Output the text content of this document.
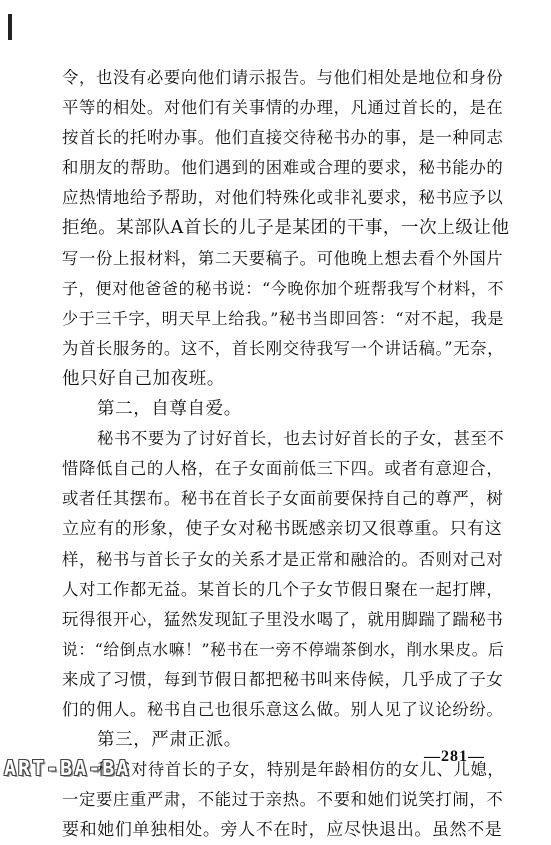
令，也没有必要向他们请示报告。与他们相处是地位和身份
平等的相处。对他们有关事情的办理，凡通过首长的，是在
按首长的托咐办事。他们直接交待秘书办的事，是一种同志
和朋友的帮助。他们遇到的困难或合理的要求，秘书能办的
应热情地给予帮助，对他们特殊化或非礼要求，秘书应予以
拒绝。某部队A首长的儿子是某团的干事，一次上级让他
写一份上报材料，第二天要稿子。可他晚上想去看个外国片
子，便对他爸爸的秘书说：“今晚你加个班帮我写个材料，不
少于三千字，明天早上给我。”秘书当即回答：“对不起，我是
为首长服务的。这不，首长刚交待我写一个讲话稿。”无奈，
他只好自己加夜班。
第二，自尊自爱。
秘书不要为了讨好首长，也去讨好首长的子女，甚至不
惜降低自己的人格，在子女面前低三下四。或者有意迎合，
或者任其摆布。秘书在首长子女面前要保持自己的尊严，树
立应有的形象，使子女对秘书既感亲切又很尊重。只有这
样，秘书与首长子女的关系才是正常和融洽的。否则对己对
人对工作都无益。某首长的几个子女节假日聚在一起打牌，
玩得很开心，猛然发现缸子里没水喝了，就用脚踹了踹秘书
说：“给倒点水嘛！”秘书在一旁不停端茶倒水，削水果皮。后
来成了习惯，每到节假日都把秘书叫来侍候，几乎成了子女
们的佣人。秘书自己也很乐意这么做。别人见了议论纷纷。
第三，严肃正派。
秘书对待首长的子女，特别是年龄相仿的女儿、儿媳，
一定要庄重严肃，不能过于亲热。不要和她们说笑打闹，不
要和她们单独相处。旁人不在时，应尽快退出。虽然不是
—281—
ART-BA-BA
